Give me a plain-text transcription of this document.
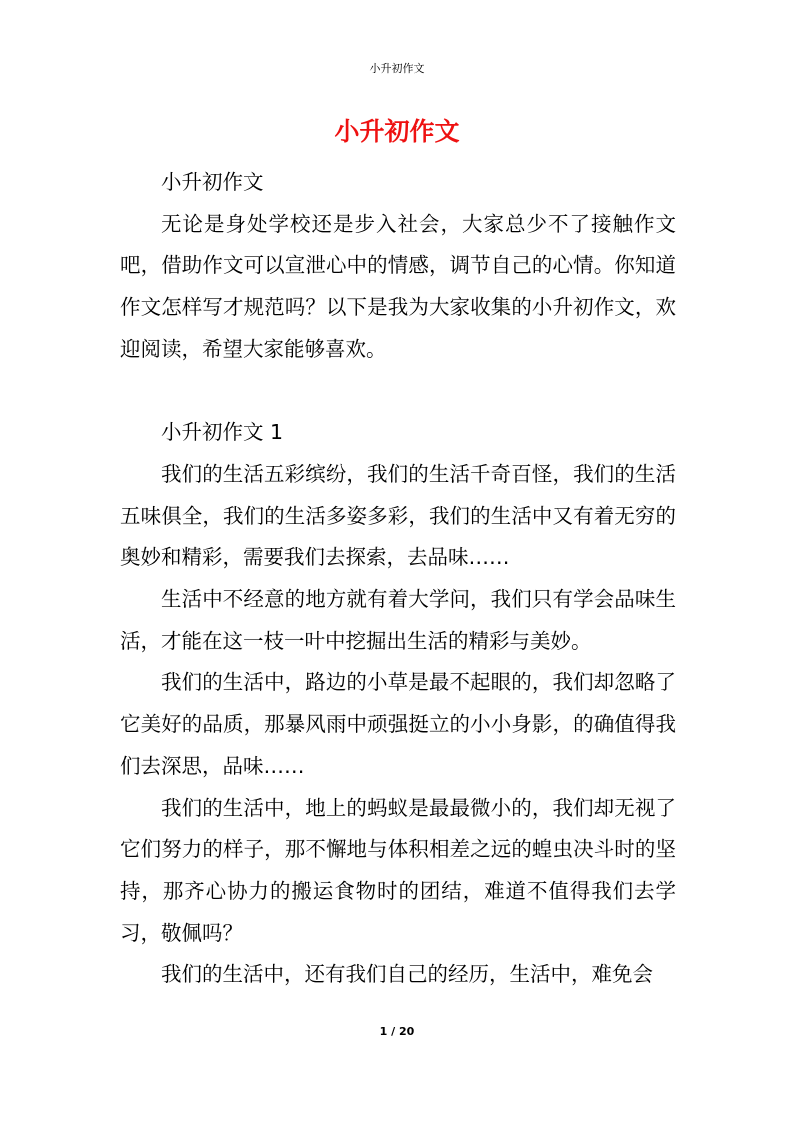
小升初作文
小升初作文

小升初作文

无论是身处学校还是步入社会，大家总少不了接触作文吧，借助作文可以宣泄心中的情感，调节自己的心情。你知道作文怎样写才规范吗？以下是我为大家收集的小升初作文，欢迎阅读，希望大家能够喜欢。

小升初作文 1

我们的生活五彩缤纷，我们的生活千奇百怪，我们的生活五味俱全，我们的生活多姿多彩，我们的生活中又有着无穷的奥妙和精彩，需要我们去探索，去品味……

生活中不经意的地方就有着大学问，我们只有学会品味生活，才能在这一枝一叶中挖掘出生活的精彩与美妙。

我们的生活中，路边的小草是最不起眼的，我们却忽略了它美好的品质，那暴风雨中顽强挺立的小小身影，的确值得我们去深思，品味……

我们的生活中，地上的蚂蚁是最最微小的，我们却无视了它们努力的样子，那不懈地与体积相差之远的蝗虫决斗时的坚持，那齐心协力的搬运食物时的团结，难道不值得我们去学习，敬佩吗？

我们的生活中，还有我们自己的经历，生活中，难免会

1 / 20
